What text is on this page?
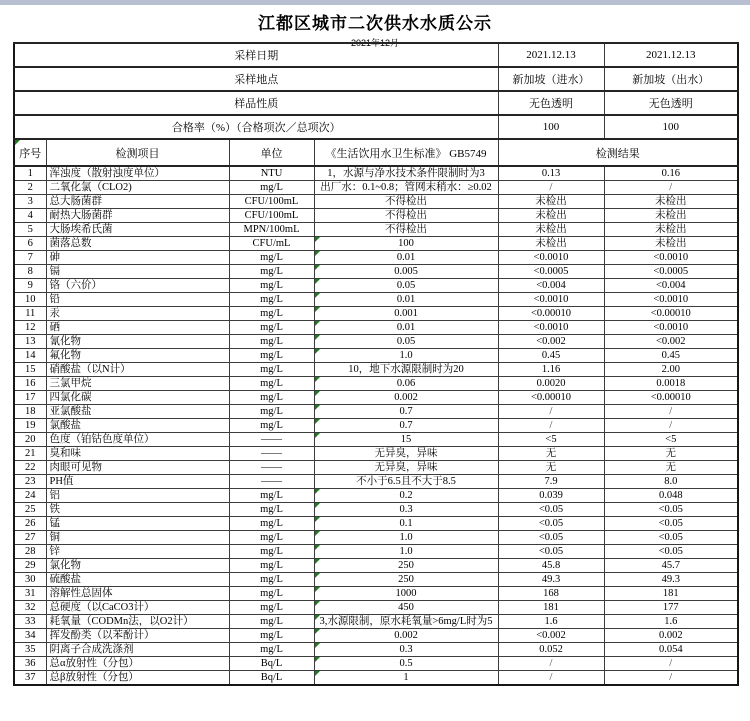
江都区城市二次供水水质公示
2021年12月
采样日期				2021.12.13	2021.12.13
采样地点				新加坡（进水）	新加坡（出水）
样品性质				无色透明	无色透明
合格率（%）（合格项次／总项次）				100	100
序号	检测项目	单位	《生活饮用水卫生标准》 GB5749	检测结果	
1	浑浊度（散射浊度单位）	NTU	1，水源与净水技术条件限制时为3	0.13	0.16
2	二氧化氯（CLO2)	mg/L	出厂水：0.1~0.8；管网末稍水：≥0.02	/	/
3	总大肠菌群	CFU/100mL	不得检出	未检出	未检出
4	耐热大肠菌群	CFU/100mL	不得检出	未检出	未检出
5	大肠埃希氏菌	MPN/100mL	不得检出	未检出	未检出
6	菌落总数	CFU/mL	100	未检出	未检出
7	砷	mg/L	0.01	<0.0010	<0.0010
8	镉	mg/L	0.005	<0.0005	<0.0005
9	铬（六价）	mg/L	0.05	<0.004	<0.004
10	铅	mg/L	0.01	<0.0010	<0.0010
11	汞	mg/L	0.001	<0.00010	<0.00010
12	硒	mg/L	0.01	<0.0010	<0.0010
13	氰化物	mg/L	0.05	<0.002	<0.002
14	氟化物	mg/L	1.0	0.45	0.45
15	硝酸盐（以N计）	mg/L	10，地下水源限制时为20	1.16	2.00
16	三氯甲烷	mg/L	0.06	0.0020	0.0018
17	四氯化碳	mg/L	0.002	<0.00010	<0.00010
18	亚氯酸盐	mg/L	0.7	/	/
19	氯酸盐	mg/L	0.7	/	/
20	色度（铂钴色度单位）	——	15	<5	<5
21	臭和味	——	无异臭，异味	无	无
22	肉眼可见物	——	无异臭，异味	无	无
23	PH值	——	不小于6.5且不大于8.5	7.9	8.0
24	铝	mg/L	0.2	0.039	0.048
25	铁	mg/L	0.3	<0.05	<0.05
26	锰	mg/L	0.1	<0.05	<0.05
27	铜	mg/L	1.0	<0.05	<0.05
28	锌	mg/L	1.0	<0.05	<0.05
29	氯化物	mg/L	250	45.8	45.7
30	硫酸盐	mg/L	250	49.3	49.3
31	溶解性总固体	mg/L	1000	168	181
32	总硬度（以CaCO3计）	mg/L	450	181	177
33	耗氧量（CODMn法，以O2计）	mg/L	3,水源限制，原水耗氧量>6mg/L时为5	1.6	1.6
34	挥发酚类（以苯酚计）	mg/L	0.002	<0.002	0.002
35	阴离子合成洗涤剂	mg/L	0.3	0.052	0.054
36	总α放射性（分包）	Bq/L	0.5	/	/
37	总β放射性（分包）	Bq/L	1	/	/
